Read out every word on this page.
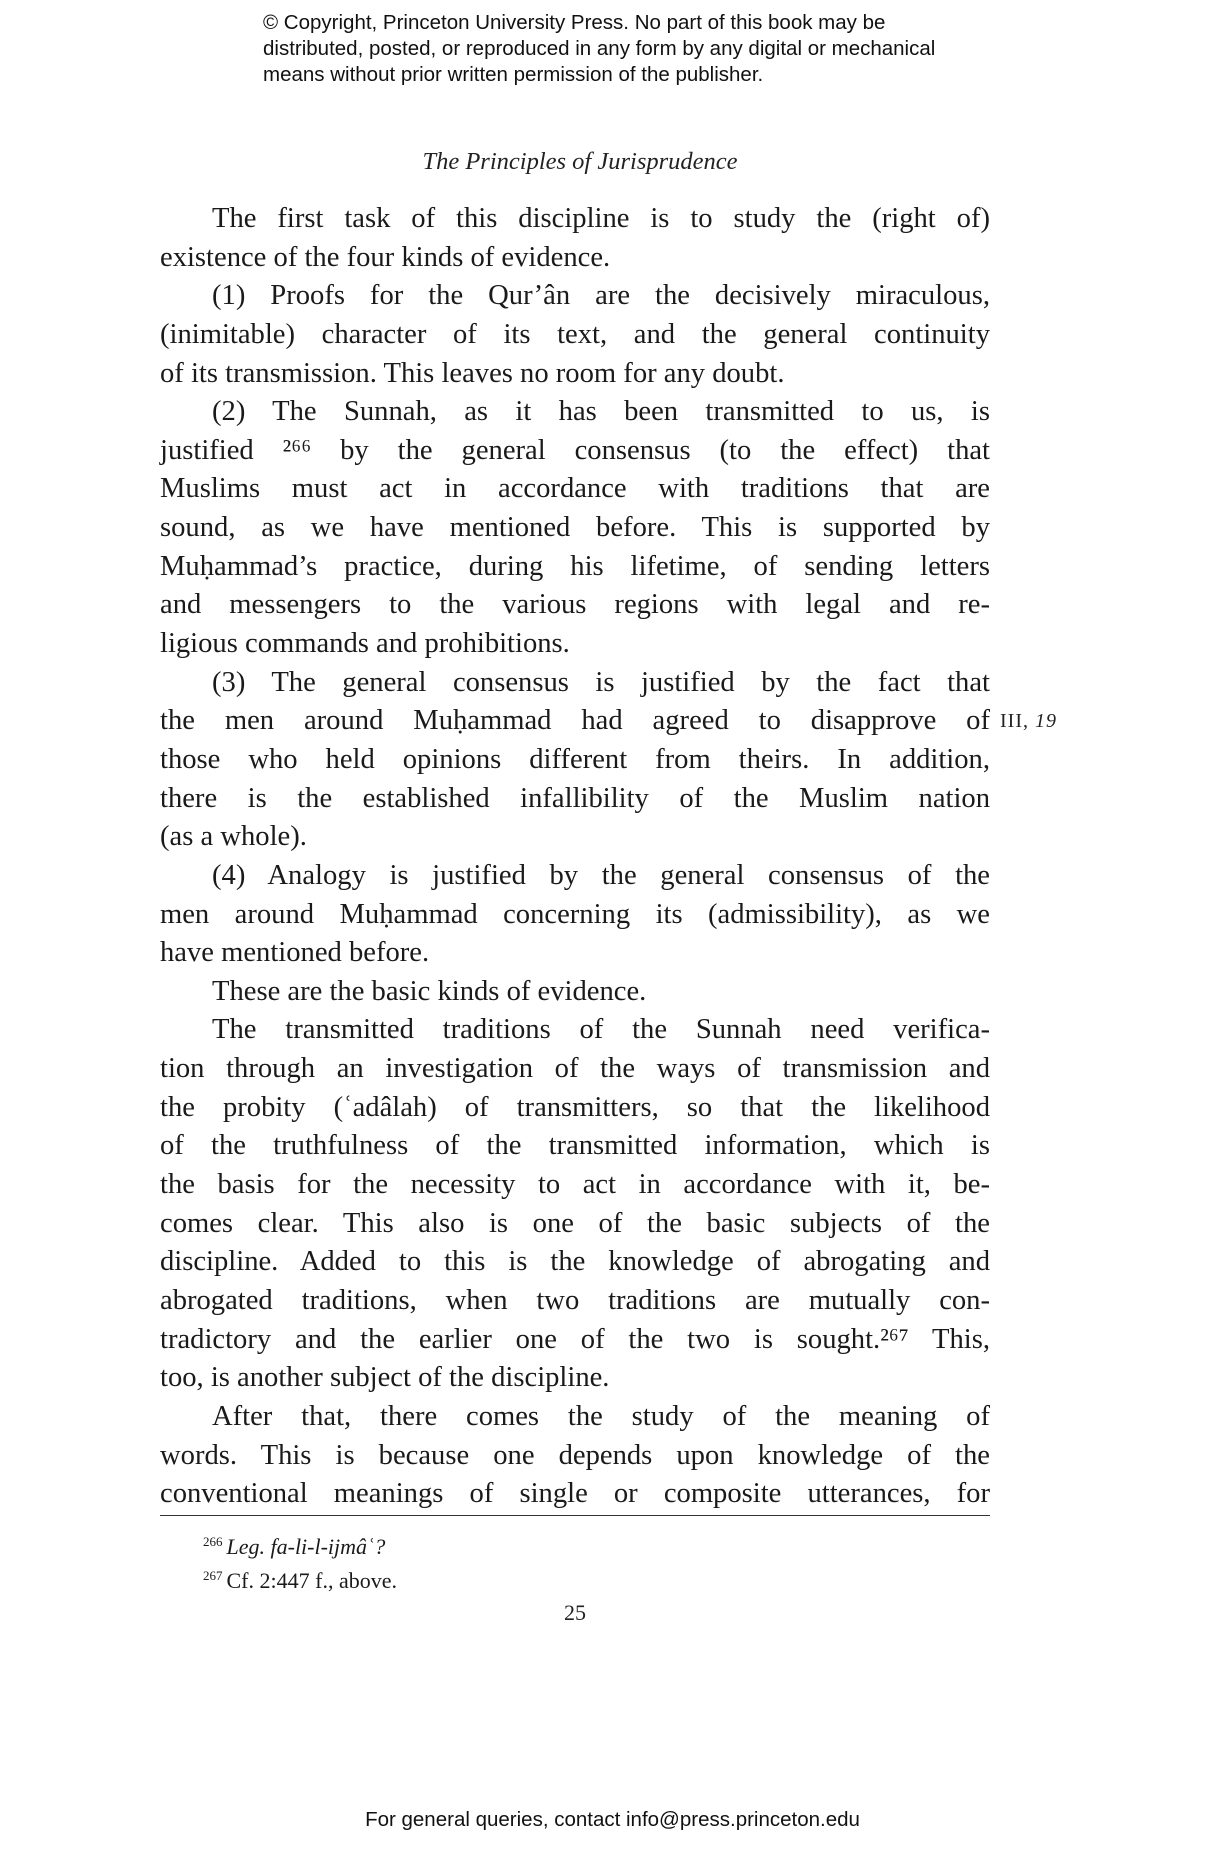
© Copyright, Princeton University Press. No part of this book may be
distributed, posted, or reproduced in any form by any digital or mechanical
means without prior written permission of the publisher.
The Principles of Jurisprudence
The first task of this discipline is to study the (right of)
existence of the four kinds of evidence.
(1) Proofs for the Qur’ân are the decisively miraculous,
(inimitable) character of its text, and the general continuity
of its transmission. This leaves no room for any doubt.
(2) The Sunnah, as it has been transmitted to us, is
justified ²⁶⁶ by the general consensus (to the effect) that
Muslims must act in accordance with traditions that are
sound, as we have mentioned before. This is supported by
Muḥammad’s practice, during his lifetime, of sending letters
and messengers to the various regions with legal and re-
ligious commands and prohibitions.
(3) The general consensus is justified by the fact that
the men around Muḥammad had agreed to disapprove of
those who held opinions different from theirs. In addition,
there is the established infallibility of the Muslim nation
(as a whole).
(4) Analogy is justified by the general consensus of the
men around Muḥammad concerning its (admissibility), as we
have mentioned before.
These are the basic kinds of evidence.
The transmitted traditions of the Sunnah need verifica-
tion through an investigation of the ways of transmission and
the probity (ʿadâlah) of transmitters, so that the likelihood
of the truthfulness of the transmitted information, which is
the basis for the necessity to act in accordance with it, be-
comes clear. This also is one of the basic subjects of the
discipline. Added to this is the knowledge of abrogating and
abrogated traditions, when two traditions are mutually con-
tradictory and the earlier one of the two is sought.²⁶⁷ This,
too, is another subject of the discipline.
After that, there comes the study of the meaning of
words. This is because one depends upon knowledge of the
conventional meanings of single or composite utterances, for
III, 19
$^{266}$ Leg. fa-li-l-ijmâʿ?
$^{267}$ Cf. 2:447 f., above.
25
For general queries, contact info@press.princeton.edu
